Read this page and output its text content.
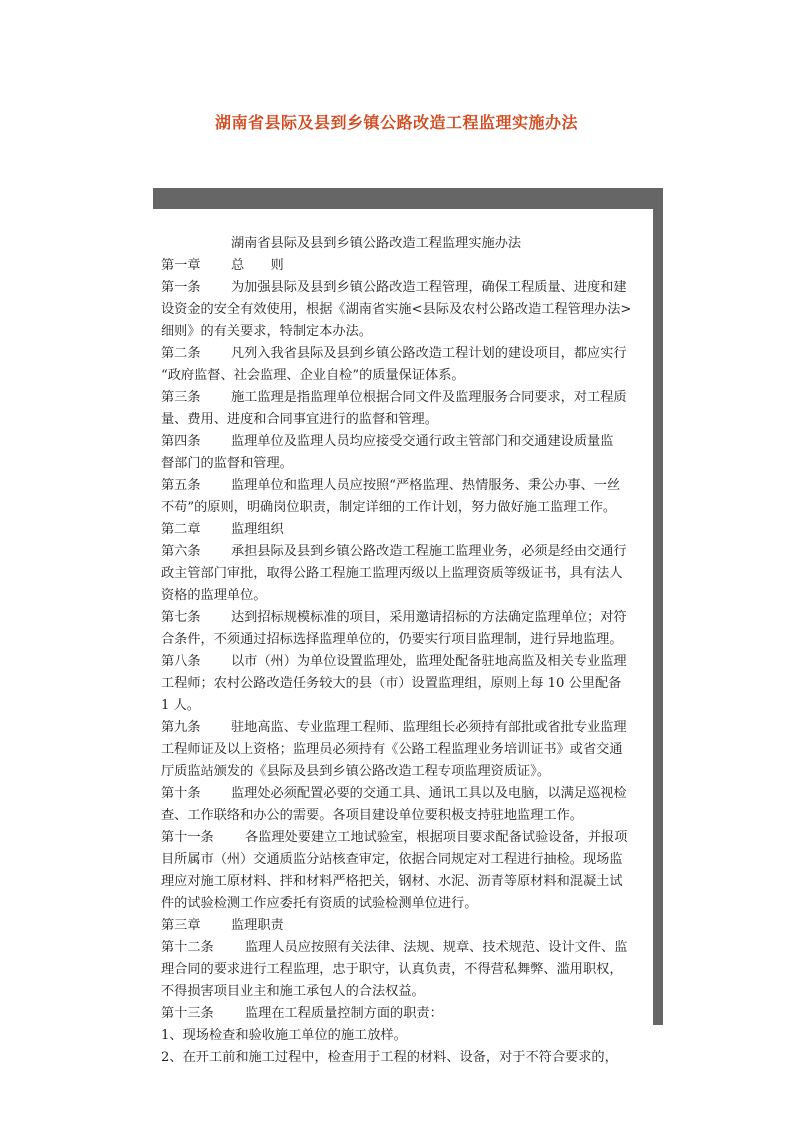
湖南省县际及县到乡镇公路改造工程监理实施办法
湖南省县际及县到乡镇公路改造工程监理实施办法
第一章 总　　则
第一条 为加强县际及县到乡镇公路改造工程管理，确保工程质量、进度和建
设资金的安全有效使用，根据《湖南省实施<县际及农村公路改造工程管理办法>
细则》的有关要求，特制定本办法。
第二条 凡列入我省县际及县到乡镇公路改造工程计划的建设项目，都应实行
“政府监督、社会监理、企业自检”的质量保证体系。
第三条 施工监理是指监理单位根据合同文件及监理服务合同要求，对工程质
量、费用、进度和合同事宜进行的监督和管理。
第四条 监理单位及监理人员均应接受交通行政主管部门和交通建设质量监
督部门的监督和管理。
第五条 监理单位和监理人员应按照“严格监理、热情服务、秉公办事、一丝
不苟”的原则，明确岗位职责，制定详细的工作计划，努力做好施工监理工作。
第二章 监理组织
第六条 承担县际及县到乡镇公路改造工程施工监理业务，必须是经由交通行
政主管部门审批，取得公路工程施工监理丙级以上监理资质等级证书，具有法人
资格的监理单位。
第七条 达到招标规模标准的项目，采用邀请招标的方法确定监理单位；对符
合条件，不须通过招标选择监理单位的，仍要实行项目监理制，进行异地监理。
第八条 以市（州）为单位设置监理处，监理处配备驻地高监及相关专业监理
工程师；农村公路改造任务较大的县（市）设置监理组，原则上每 10 公里配备
1 人。
第九条 驻地高监、专业监理工程师、监理组长必须持有部批或省批专业监理
工程师证及以上资格；监理员必须持有《公路工程监理业务培训证书》或省交通
厅质监站颁发的《县际及县到乡镇公路改造工程专项监理资质证》。
第十条 监理处必须配置必要的交通工具、通讯工具以及电脑，以满足巡视检
查、工作联络和办公的需要。各项目建设单位要积极支持驻地监理工作。
第十一条 各监理处要建立工地试验室，根据项目要求配备试验设备，并报项
目所属市（州）交通质监分站核查审定，依据合同规定对工程进行抽检。现场监
理应对施工原材料、拌和材料严格把关，钢材、水泥、沥青等原材料和混凝土试
件的试验检测工作应委托有资质的试验检测单位进行。
第三章 监理职责
第十二条 监理人员应按照有关法律、法规、规章、技术规范、设计文件、监
理合同的要求进行工程监理，忠于职守，认真负责，不得营私舞弊、滥用职权，
不得损害项目业主和施工承包人的合法权益。
第十三条 监理在工程质量控制方面的职责：
1、现场检查和验收施工单位的施工放样。
2、在开工前和施工过程中，检查用于工程的材料、设备，对于不符合要求的，
